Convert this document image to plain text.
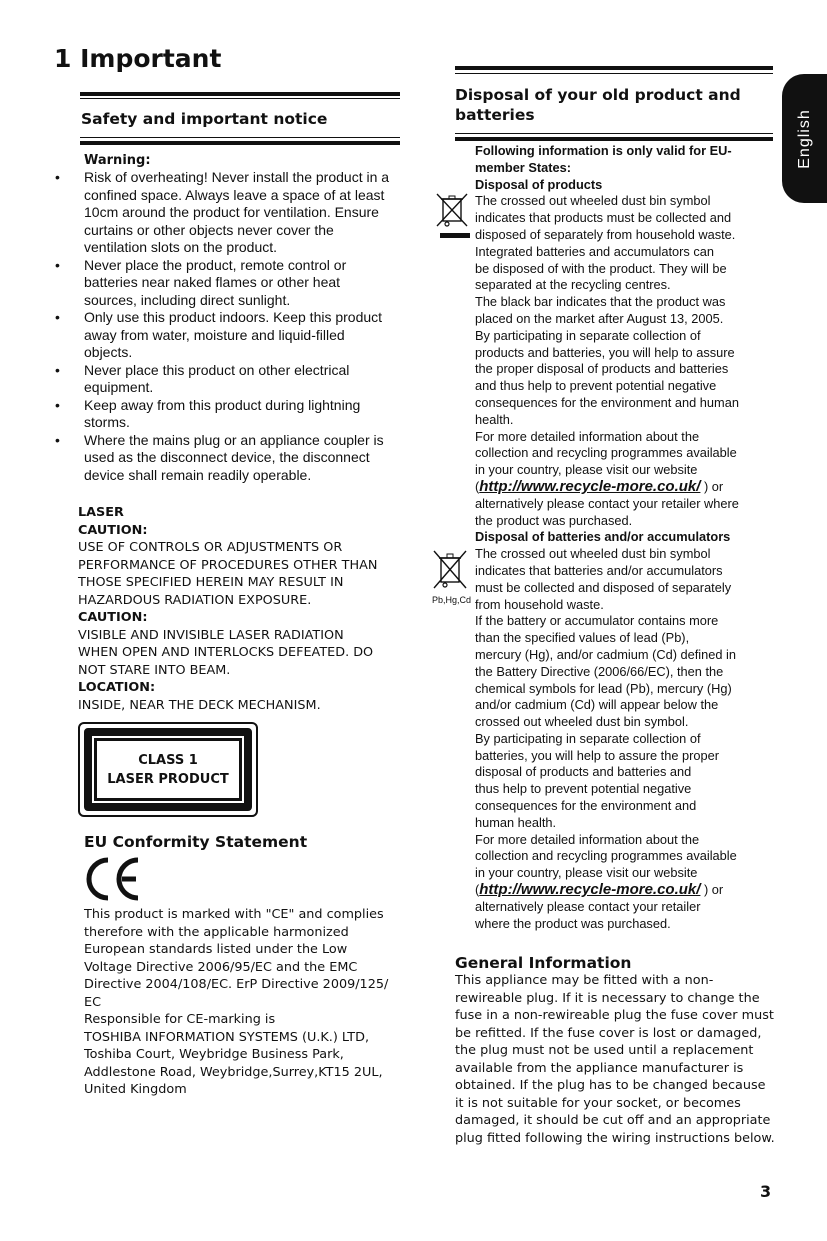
1 Important
English
Safety and important notice
Warning:
• Risk of overheating! Never install the product in a
confined space. Always leave a space of at least
10cm around the product for ventilation. Ensure
curtains or other objects never cover the
ventilation slots on the product.
• Never place the product, remote control or
batteries near naked flames or other heat
sources, including direct sunlight.
• Only use this product indoors. Keep this product
away from water, moisture and liquid-filled
objects.
• Never place this product on other electrical
equipment.
• Keep away from this product during lightning
storms.
• Where the mains plug or an appliance coupler is
used as the disconnect device, the disconnect
device shall remain readily operable.
LASER
CAUTION:
USE OF CONTROLS OR ADJUSTMENTS OR
PERFORMANCE OF PROCEDURES OTHER THAN
THOSE SPECIFIED HEREIN MAY RESULT IN
HAZARDOUS RADIATION EXPOSURE.
CAUTION:
VISIBLE AND INVISIBLE LASER RADIATION
WHEN OPEN AND INTERLOCKS DEFEATED. DO
NOT STARE INTO BEAM.
LOCATION:
INSIDE, NEAR THE DECK MECHANISM.
CLASS 1
LASER PRODUCT
EU Conformity Statement
This product is marked with "CE" and complies
therefore with the applicable harmonized
European standards listed under the Low
Voltage Directive 2006/95/EC and the EMC
Directive 2004/108/EC. ErP Directive 2009/125/
EC
Responsible for CE-marking is
TOSHIBA INFORMATION SYSTEMS (U.K.) LTD,
Toshiba Court, Weybridge Business Park,
Addlestone Road, Weybridge,Surrey,KT15 2UL,
United Kingdom
Disposal of your old product and
batteries
Pb,Hg,Cd
Following information is only valid for EU-
member States:
Disposal of products
The crossed out wheeled dust bin symbol
indicates that products must be collected and
disposed of separately from household waste.
Integrated batteries and accumulators can
be disposed of with the product. They will be
separated at the recycling centres.
The black bar indicates that the product was
placed on the market after August 13, 2005.
By participating in separate collection of
products and batteries, you will help to assure
the proper disposal of products and batteries
and thus help to prevent potential negative
consequences for the environment and human
health.
For more detailed information about the
collection and recycling programmes available
in your country, please visit our website
(http://www.recycle-more.co.uk/ ) or
alternatively please contact your retailer where
the product was purchased.
Disposal of batteries and/or accumulators
The crossed out wheeled dust bin symbol
indicates that batteries and/or accumulators
must be collected and disposed of separately
from household waste.
If the battery or accumulator contains more
than the specified values of lead (Pb),
mercury (Hg), and/or cadmium (Cd) defined in
the Battery Directive (2006/66/EC), then the
chemical symbols for lead (Pb), mercury (Hg)
and/or cadmium (Cd) will appear below the
crossed out wheeled dust bin symbol.
By participating in separate collection of
batteries, you will help to assure the proper
disposal of products and batteries and
thus help to prevent potential negative
consequences for the environment and
human health.
For more detailed information about the
collection and recycling programmes available
in your country, please visit our website
(http://www.recycle-more.co.uk/ ) or
alternatively please contact your retailer
where the product was purchased.
General Information
This appliance may be fitted with a non-
rewireable plug. If it is necessary to change the
fuse in a non-rewireable plug the fuse cover must
be refitted. If the fuse cover is lost or damaged,
the plug must not be used until a replacement
available from the appliance manufacturer is
obtained. If the plug has to be changed because
it is not suitable for your socket, or becomes
damaged, it should be cut off and an appropriate
plug fitted following the wiring instructions below.
3
